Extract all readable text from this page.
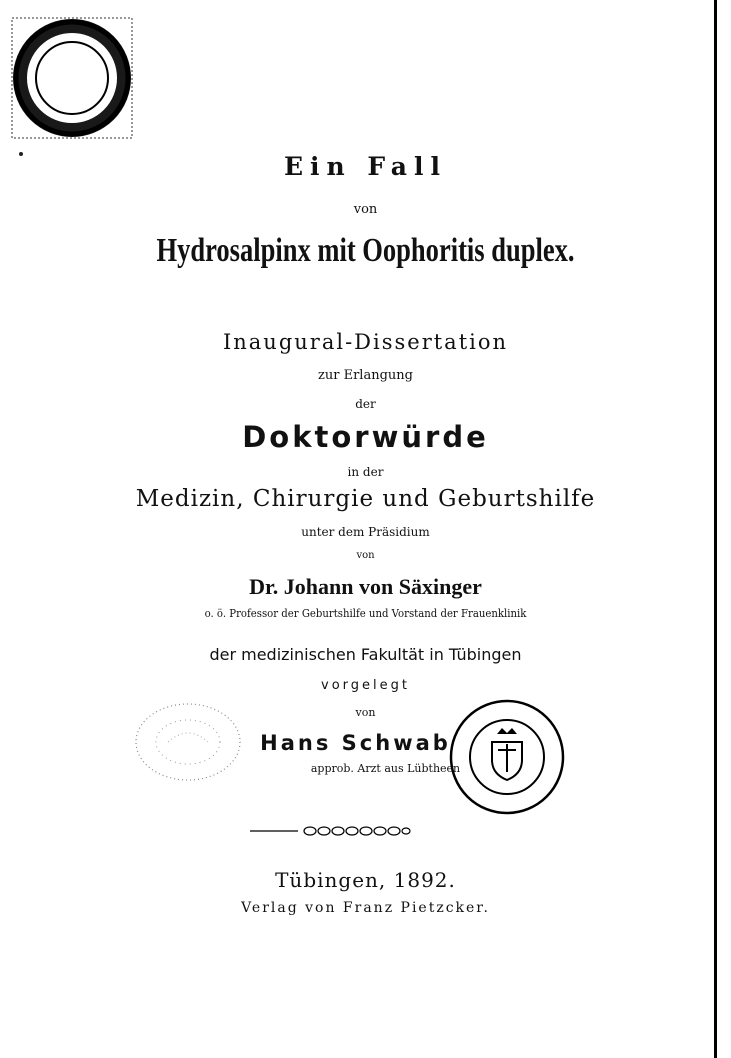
Ein Fall
von
Hydrosalpinx mit Oophoritis duplex.
Inaugural-Dissertation
zur Erlangung
der
Doktorwürde
in der
Medizin, Chirurgie und Geburtshilfe
unter dem Präsidium
von
Dr. Johann von Säxinger
o. ö. Professor der Geburtshilfe und Vorstand der Frauenklinik
der medizinischen Fakultät in Tübingen
vorgelegt
von
Hans Schwab
approb. Arzt aus Lübtheen
Tübingen, 1892.
Verlag von Franz Pietzcker.
